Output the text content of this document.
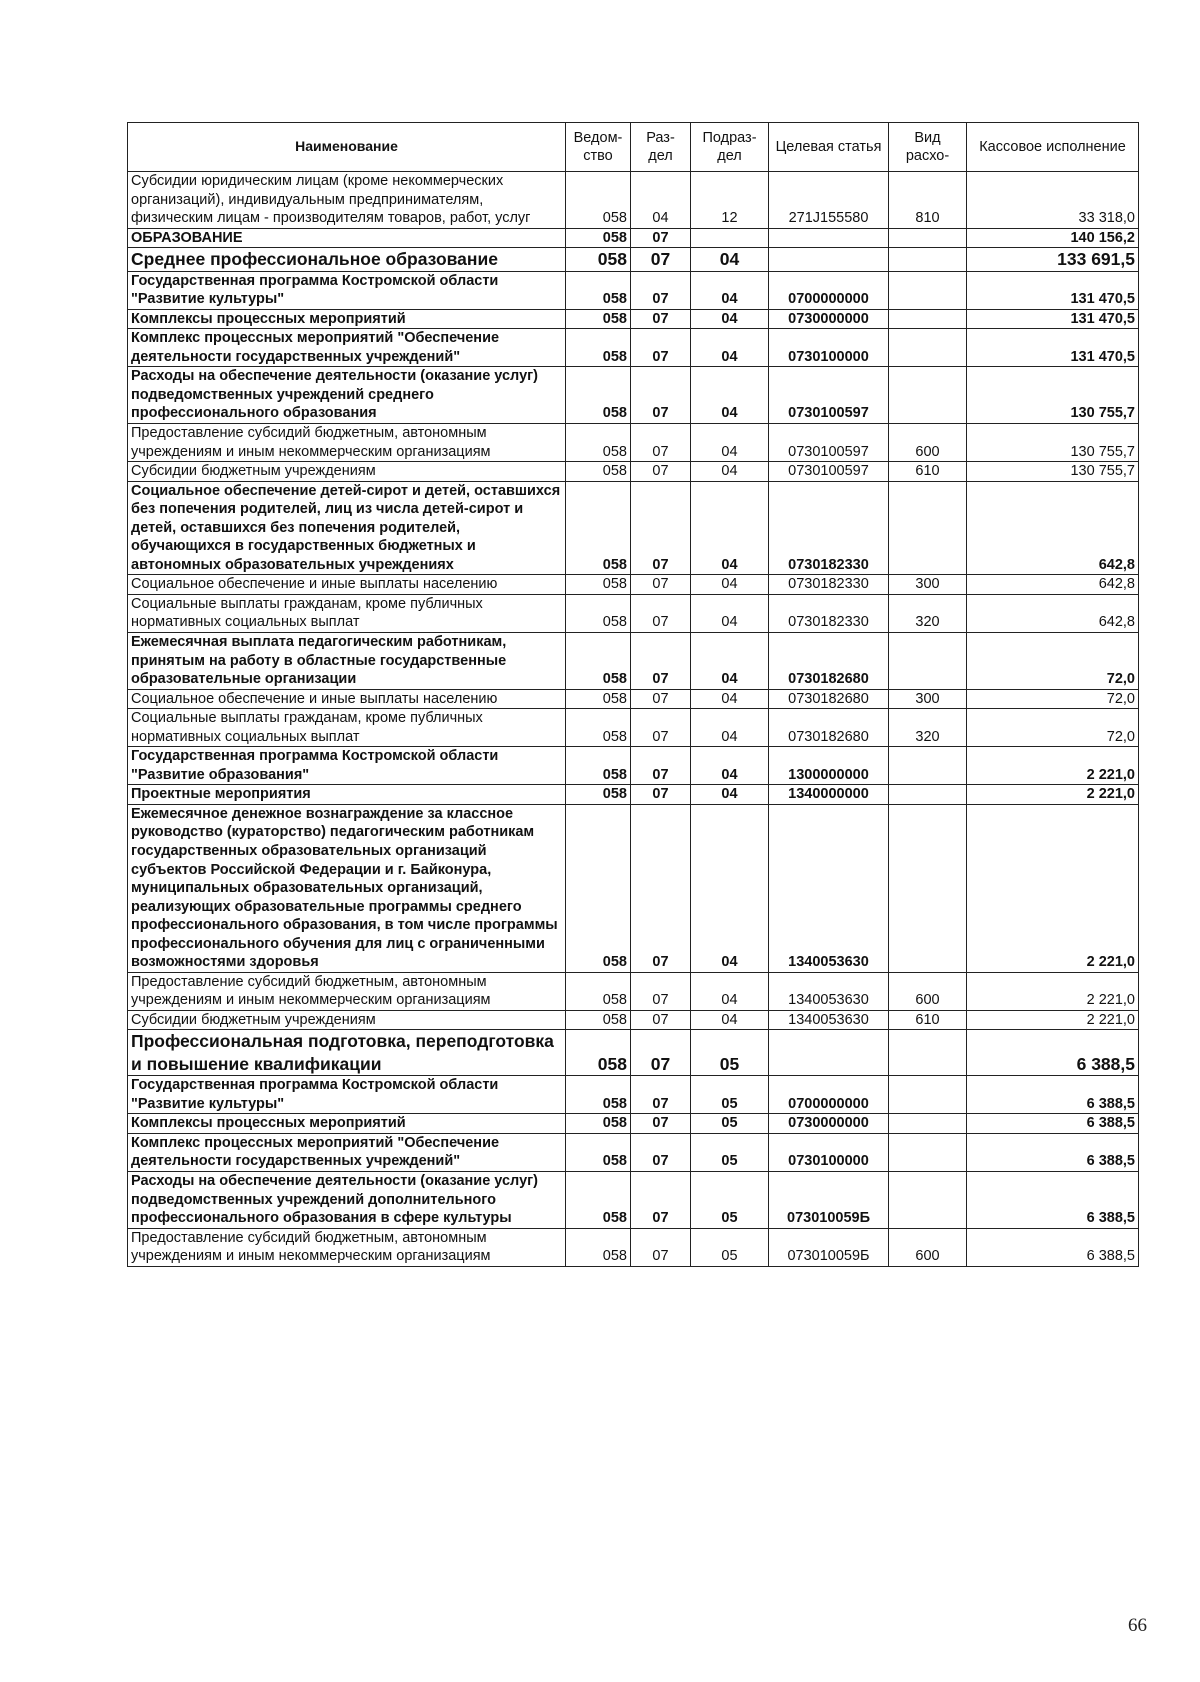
Наименование	Ведом-ство	Раз-дел	Подраз-дел	Целевая статья	Вид расхо-	Кассовое исполнение
Субсидии юридическим лицам (кроме некоммерческих организаций), индивидуальным предпринимателям, физическим лицам - производителям товаров, работ, услуг	058	04	12	271J155580	810	33 318,0
ОБРАЗОВАНИЕ	058	07				140 156,2
Среднее профессиональное образование	058	07	04			133 691,5
Государственная программа Костромской области "Развитие культуры"	058	07	04	0700000000		131 470,5
Комплексы процессных мероприятий	058	07	04	0730000000		131 470,5
Комплекс процессных мероприятий "Обеспечение деятельности государственных учреждений"	058	07	04	0730100000		131 470,5
Расходы на обеспечение деятельности (оказание услуг) подведомственных учреждений среднего профессионального образования	058	07	04	0730100597		130 755,7
Предоставление субсидий бюджетным, автономным учреждениям и иным некоммерческим организациям	058	07	04	0730100597	600	130 755,7
Субсидии бюджетным учреждениям	058	07	04	0730100597	610	130 755,7
Социальное обеспечение детей-сирот и детей, оставшихся без попечения родителей, лиц из числа детей-сирот и детей, оставшихся без попечения родителей, обучающихся в государственных бюджетных и автономных образовательных учреждениях	058	07	04	0730182330		642,8
Социальное обеспечение и иные выплаты населению	058	07	04	0730182330	300	642,8
Социальные выплаты гражданам, кроме публичных нормативных социальных выплат	058	07	04	0730182330	320	642,8
Ежемесячная выплата педагогическим работникам, принятым на работу в областные государственные образовательные организации	058	07	04	0730182680		72,0
Социальное обеспечение и иные выплаты населению	058	07	04	0730182680	300	72,0
Социальные выплаты гражданам, кроме публичных нормативных социальных выплат	058	07	04	0730182680	320	72,0
Государственная программа Костромской области "Развитие образования"	058	07	04	1300000000		2 221,0
Проектные мероприятия	058	07	04	1340000000		2 221,0
Ежемесячное денежное вознаграждение за классное руководство (кураторство) педагогическим работникам государственных образовательных организаций субъектов Российской Федерации и г. Байконура, муниципальных образовательных организаций, реализующих образовательные программы среднего профессионального образования, в том числе программы профессионального обучения для лиц с ограниченными возможностями здоровья	058	07	04	1340053630		2 221,0
Предоставление субсидий бюджетным, автономным учреждениям и иным некоммерческим организациям	058	07	04	1340053630	600	2 221,0
Субсидии бюджетным учреждениям	058	07	04	1340053630	610	2 221,0
Профессиональная подготовка, переподготовка и повышение квалификации	058	07	05			6 388,5
Государственная программа Костромской области "Развитие культуры"	058	07	05	0700000000		6 388,5
Комплексы процессных мероприятий	058	07	05	0730000000		6 388,5
Комплекс процессных мероприятий "Обеспечение деятельности государственных учреждений"	058	07	05	0730100000		6 388,5
Расходы на обеспечение деятельности (оказание услуг) подведомственных учреждений дополнительного профессионального образования в сфере культуры	058	07	05	073010059Б		6 388,5
Предоставление субсидий бюджетным, автономным учреждениям и иным некоммерческим организациям	058	07	05	073010059Б	600	6 388,5
66
